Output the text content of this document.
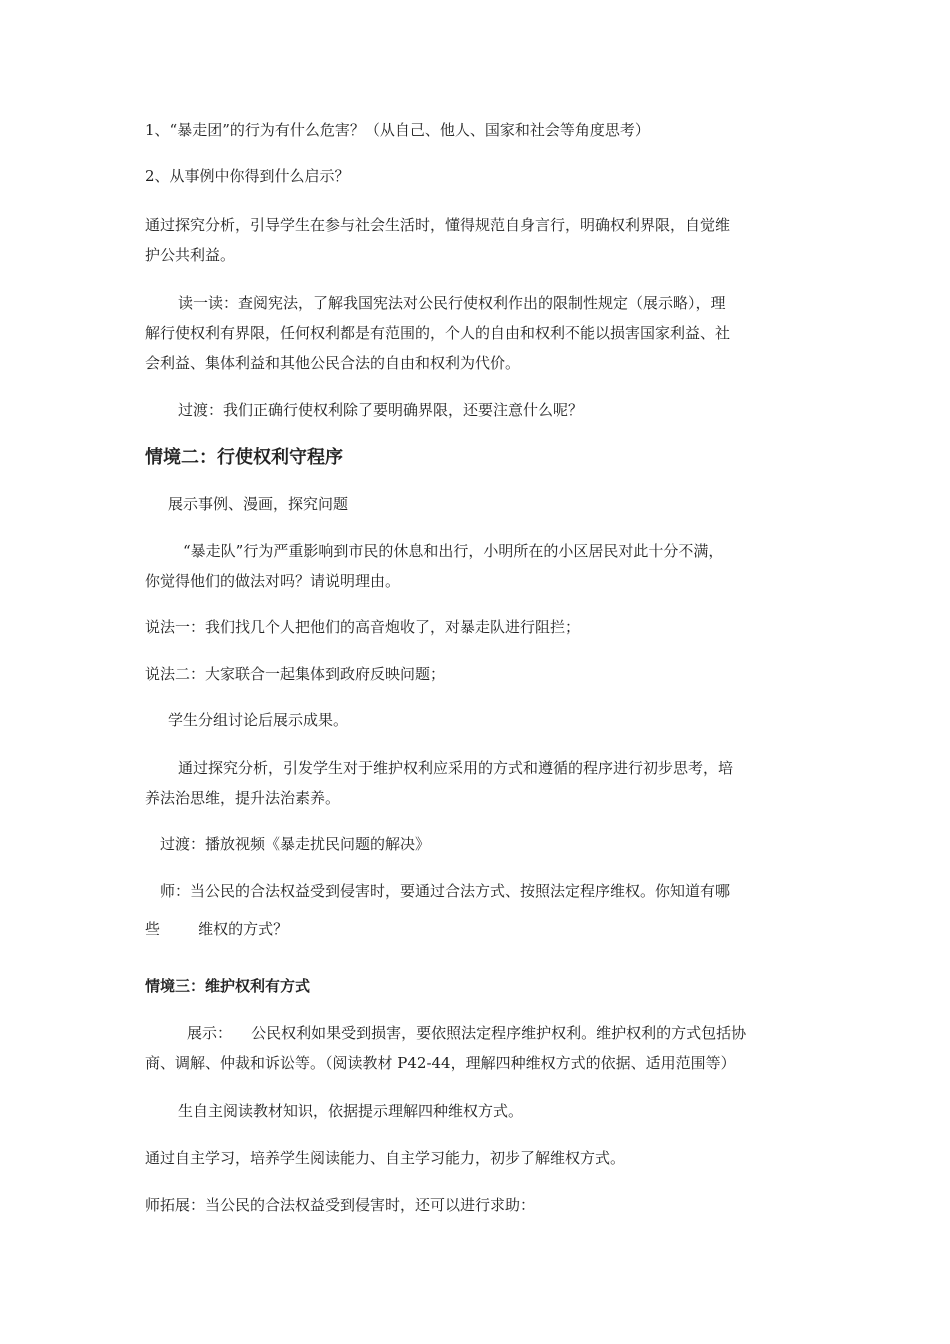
1、“暴走团”的行为有什么危害？（从自己、他人、国家和社会等角度思考）
2、从事例中你得到什么启示？
通过探究分析，引导学生在参与社会生活时，懂得规范自身言行，明确权利界限，自觉维
护公共利益。
读一读：查阅宪法，了解我国宪法对公民行使权利作出的限制性规定（展示略），理
解行使权利有界限，任何权利都是有范围的，个人的自由和权利不能以损害国家利益、社
会利益、集体利益和其他公民合法的自由和权利为代价。
过渡：我们正确行使权利除了要明确界限，还要注意什么呢？
情境二：行使权利守程序
展示事例、漫画，探究问题
“暴走队”行为严重影响到市民的休息和出行，小明所在的小区居民对此十分不满，
你觉得他们的做法对吗？请说明理由。
说法一：我们找几个人把他们的高音炮收了，对暴走队进行阻拦；
说法二：大家联合一起集体到政府反映问题；
学生分组讨论后展示成果。
通过探究分析，引发学生对于维护权利应采用的方式和遵循的程序进行初步思考，培
养法治思维，提升法治素养。
过渡：播放视频《暴走扰民问题的解决》
师：当公民的合法权益受到侵害时，要通过合法方式、按照法定程序维权。你知道有哪
些        维权的方式？
情境三：维护权利有方式
展示：    公民权利如果受到损害，要依照法定程序维护权利。维护权利的方式包括协
商、调解、仲裁和诉讼等。（阅读教材 P42-44，理解四种维权方式的依据、适用范围等）
生自主阅读教材知识，依据提示理解四种维权方式。
通过自主学习，培养学生阅读能力、自主学习能力，初步了解维权方式。
师拓展：当公民的合法权益受到侵害时，还可以进行求助：
